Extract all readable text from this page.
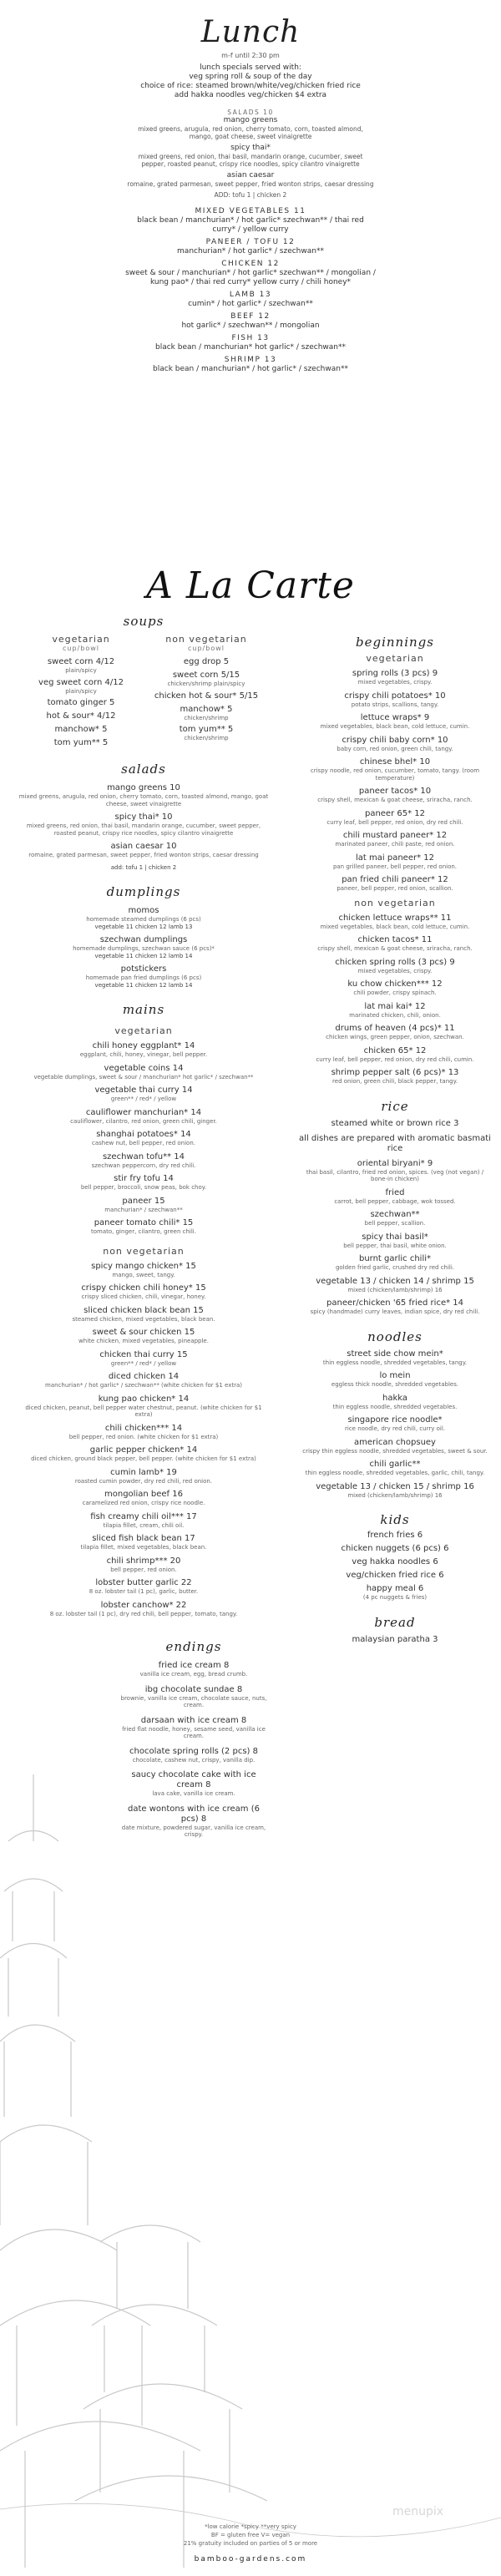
Lunch
m-f until 2:30 pm
lunch specials served with:
veg spring roll & soup of the day
choice of rice: steamed brown/white/veg/chicken fried rice
add hakka noodles veg/chicken $4 extra
SALADS 10
mango greens
mixed greens, arugula, red onion, cherry tomato, corn, toasted almond, mango, goat cheese, sweet vinaigrette
spicy thai*
mixed greens, red onion, thai basil, mandarin orange, cucumber, sweet pepper, roasted peanut, crispy rice noodles, spicy cilantro vinaigrette
asian caesar
romaine, grated parmesan, sweet pepper, fried wonton strips, caesar dressing
ADD: tofu 1 | chicken 2
MIXED VEGETABLES 11
black bean / manchurian* / hot garlic* szechwan** / thai red curry* / yellow curry
PANEER / TOFU 12
manchurian* / hot garlic* / szechwan**
CHICKEN 12
sweet & sour / manchurian* / hot garlic* szechwan** / mongolian / kung pao* / thai red curry* yellow curry / chili honey*
LAMB 13
cumin* / hot garlic* / szechwan**
BEEF 12
hot garlic* / szechwan** / mongolian
FISH 13
black bean / manchurian* hot garlic* / szechwan**
SHRIMP 13
black bean / manchurian* / hot garlic* / szechwan**
A La Carte
soups
vegetarian
cup/bowl
sweet corn 4/12
plain/spicy
veg sweet corn 4/12
plain/spicy
tomato ginger 5
hot & sour* 4/12
manchow* 5
tom yum** 5
non vegetarian
cup/bowl
egg drop 5
sweet corn 5/15
chicken/shrimp plain/spicy
chicken hot & sour* 5/15
manchow* 5
chicken/shrimp
tom yum** 5
chicken/shrimp
salads
mango greens 10
mixed greens, arugula, red onion, cherry tomato, corn, toasted almond, mango, goat cheese, sweet vinaigrette
spicy thai* 10
mixed greens, red onion, thai basil, mandarin orange, cucumber, sweet pepper, roasted peanut, crispy rice noodles, spicy cilantro vinaigrette
asian caesar 10
romaine, grated parmesan, sweet pepper, fried wonton strips, caesar dressing
add: tofu 1 | chicken 2
dumplings
momos
homemade steamed dumplings (6 pcs)
vegetable 11 chicken 12 lamb 13
szechwan dumplings
homemade dumplings, szechwan sauce (6 pcs)*
vegetable 11 chicken 12 lamb 14
potstickers
homemade pan fried dumplings (6 pcs)
vegetable 11 chicken 12 lamb 14
mains
vegetarian
chili honey eggplant* 14
eggplant, chili, honey, vinegar, bell pepper.
vegetable coins 14
vegetable dumplings, sweet & sour / manchurian* hot garlic* / szechwan**
vegetable thai curry 14
green** / red* / yellow
cauliflower manchurian* 14
cauliflower, cilantro, red onion, green chili, ginger.
shanghai potatoes* 14
cashew nut, bell pepper, red onion.
szechwan tofu** 14
szechwan peppercorn, dry red chili.
stir fry tofu 14
bell pepper, broccoli, snow peas, bok choy.
paneer 15
manchurian* / szechwan**
paneer tomato chili* 15
tomato, ginger, cilantro, green chili.
non vegetarian
spicy mango chicken* 15
mango, sweet, tangy.
crispy chicken chili honey* 15
crispy sliced chicken, chili, vinegar, honey.
sliced chicken black bean 15
steamed chicken, mixed vegetables, black bean.
sweet & sour chicken 15
white chicken, mixed vegetables, pineapple.
chicken thai curry 15
green** / red* / yellow
diced chicken 14
manchurian* / hot garlic* / szechwan** (white chicken for $1 extra)
kung pao chicken* 14
diced chicken, peanut, bell pepper water chestnut, peanut. (white chicken for $1 extra)
chili chicken*** 14
bell pepper, red onion. (white chicken for $1 extra)
garlic pepper chicken* 14
diced chicken, ground black pepper, bell pepper. (white chicken for $1 extra)
cumin lamb* 19
roasted cumin powder, dry red chili, red onion.
mongolian beef 16
caramelized red onion, crispy rice noodle.
fish creamy chili oil*** 17
tilapia fillet, cream, chili oil.
sliced fish black bean 17
tilapia fillet, mixed vegetables, black bean.
chili shrimp*** 20
bell pepper, red onion.
lobster butter garlic 22
8 oz. lobster tail (1 pc), garlic, butter.
lobster canchow* 22
8 oz. lobster tail (1 pc), dry red chili, bell pepper, tomato, tangy.
endings
fried ice cream 8
vanilla ice cream, egg, bread crumb.
ibg chocolate sundae 8
brownie, vanilla ice cream, chocolate sauce, nuts, cream.
darsaan with ice cream 8
fried flat noodle, honey, sesame seed, vanilla ice cream.
chocolate spring rolls (2 pcs) 8
chocolate, cashew nut, crispy, vanilla dip.
saucy chocolate cake with ice cream 8
lava cake, vanilla ice cream.
date wontons with ice cream (6 pcs) 8
date mixture, powdered sugar, vanilla ice cream, crispy.
beginnings
vegetarian
spring rolls (3 pcs) 9
mixed vegetables, crispy.
crispy chili potatoes* 10
potato strips, scallions, tangy.
lettuce wraps* 9
mixed vegetables, black bean, cold lettuce, cumin.
crispy chili baby corn* 10
baby corn, red onion, green chili, tangy.
chinese bhel* 10
crispy noodle, red onion, cucumber, tomato, tangy. (room temperature)
paneer tacos* 10
crispy shell, mexican & goat cheese, sriracha, ranch.
paneer 65* 12
curry leaf, bell pepper, red onion, dry red chili.
chili mustard paneer* 12
marinated paneer, chili paste, red onion.
lat mai paneer* 12
pan grilled paneer, bell pepper, red onion.
pan fried chili paneer* 12
paneer, bell pepper, red onion, scallion.
non vegetarian
chicken lettuce wraps** 11
mixed vegetables, black bean, cold lettuce, cumin.
chicken tacos* 11
crispy shell, mexican & goat cheese, sriracha, ranch.
chicken spring rolls (3 pcs) 9
mixed vegetables, crispy.
ku chow chicken*** 12
chili powder, crispy spinach.
lat mai kai* 12
marinated chicken, chili, onion.
drums of heaven (4 pcs)* 11
chicken wings, green pepper, onion, szechwan.
chicken 65* 12
curry leaf, bell pepper, red onion, dry red chili, cumin.
shrimp pepper salt (6 pcs)* 13
red onion, green chili, black pepper, tangy.
rice
steamed white or brown rice 3
all dishes are prepared with aromatic basmati rice
oriental biryani* 9
thai basil, cilantro, fried red onion, spices. (veg (not vegan) / bone-in chicken)
fried
carrot, bell pepper, cabbage, wok tossed.
szechwan**
bell pepper, scallion.
spicy thai basil*
bell pepper, thai basil, white onion.
burnt garlic chili*
golden fried garlic, crushed dry red chili.
vegetable 13 / chicken 14 / shrimp 15
mixed (chicken/lamb/shrimp) 16
paneer/chicken '65 fried rice* 14
spicy (handmade) curry leaves, indian spice, dry red chili.
noodles
street side chow mein*
thin eggless noodle, shredded vegetables, tangy.
lo mein
eggless thick noodle, shredded vegetables.
hakka
thin eggless noodle, shredded vegetables.
singapore rice noodle*
rice noodle, dry red chili, curry oil.
american chopsuey
crispy thin eggless noodle, shredded vegetables, sweet & sour.
chili garlic**
thin eggless noodle, shredded vegetables, garlic, chili, tangy.
vegetable 13 / chicken 15 / shrimp 16
mixed (chicken/lamb/shrimp) 16
kids
french fries 6
chicken nuggets (6 pcs) 6
veg hakka noodles 6
veg/chicken fried rice 6
happy meal 6
(4 pc nuggets & fries)
bread
malaysian paratha 3
*low calorie *spicy **very spicy
BF = gluten free V= vegan
21% gratuity included on parties of 5 or more
bamboo-gardens.com
menupix
